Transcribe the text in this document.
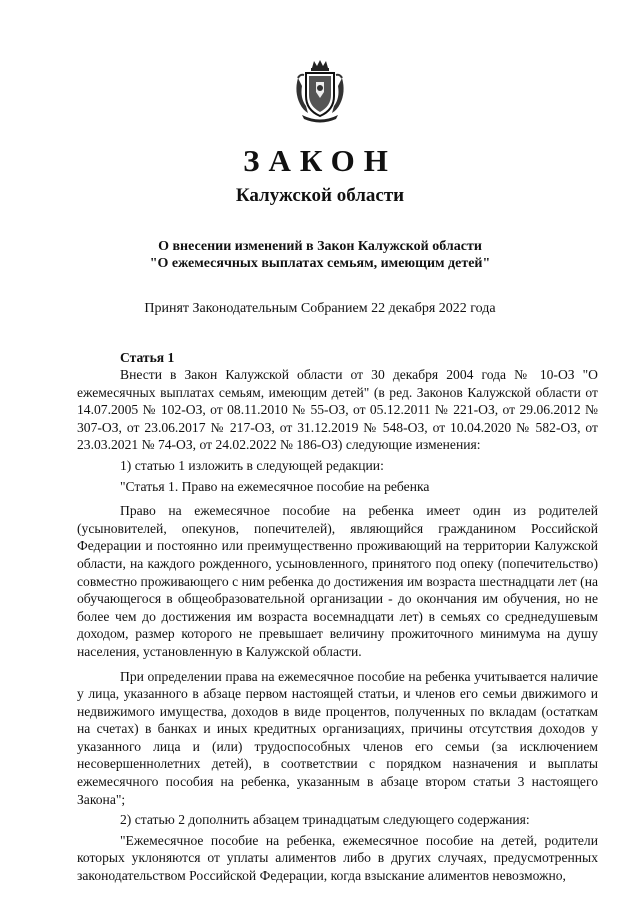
ЗАКОН
Калужской области
О внесении изменений в Закон Калужской области
"О ежемесячных выплатах семьям, имеющим детей"
Принят Законодательным Собранием 22 декабря 2022 года
Статья 1

Внести в Закон Калужской области от 30 декабря 2004 года № 10-ОЗ "О ежемесячных выплатах семьям, имеющим детей" (в ред. Законов Калужской области от 14.07.2005 № 102-ОЗ, от 08.11.2010 № 55-ОЗ, от 05.12.2011 № 221-ОЗ, от 29.06.2012 № 307-ОЗ, от 23.06.2017 № 217-ОЗ, от 31.12.2019 № 548-ОЗ, от 10.04.2020 № 582-ОЗ, от 23.03.2021 № 74-ОЗ, от 24.02.2022 № 186-ОЗ) следующие изменения:

1) статью 1 изложить в следующей редакции:

"Статья 1. Право на ежемесячное пособие на ребенка

Право на ежемесячное пособие на ребенка имеет один из родителей (усыновителей, опекунов, попечителей), являющийся гражданином Российской Федерации и постоянно или преимущественно проживающий на территории Калужской области, на каждого рожденного, усыновленного, принятого под опеку (попечительство) совместно проживающего с ним ребенка до достижения им возраста шестнадцати лет (на обучающегося в общеобразовательной организации - до окончания им обучения, но не более чем до достижения им возраста восемнадцати лет) в семьях со среднедушевым доходом, размер которого не превышает величину прожиточного минимума на душу населения, установленную в Калужской области.

При определении права на ежемесячное пособие на ребенка учитывается наличие у лица, указанного в абзаце первом настоящей статьи, и членов его семьи движимого и недвижимого имущества, доходов в виде процентов, полученных по вкладам (остаткам на счетах) в банках и иных кредитных организациях, причины отсутствия доходов у указанного лица и (или) трудоспособных членов его семьи (за исключением несовершеннолетних детей), в соответствии с порядком назначения и выплаты ежемесячного пособия на ребенка, указанным в абзаце втором статьи 3 настоящего Закона";

2) статью 2 дополнить абзацем тринадцатым следующего содержания:

"Ежемесячное пособие на ребенка, ежемесячное пособие на детей, родители которых уклоняются от уплаты алиментов либо в других случаях, предусмотренных законодательством Российской Федерации, когда взыскание алиментов невозможно,
